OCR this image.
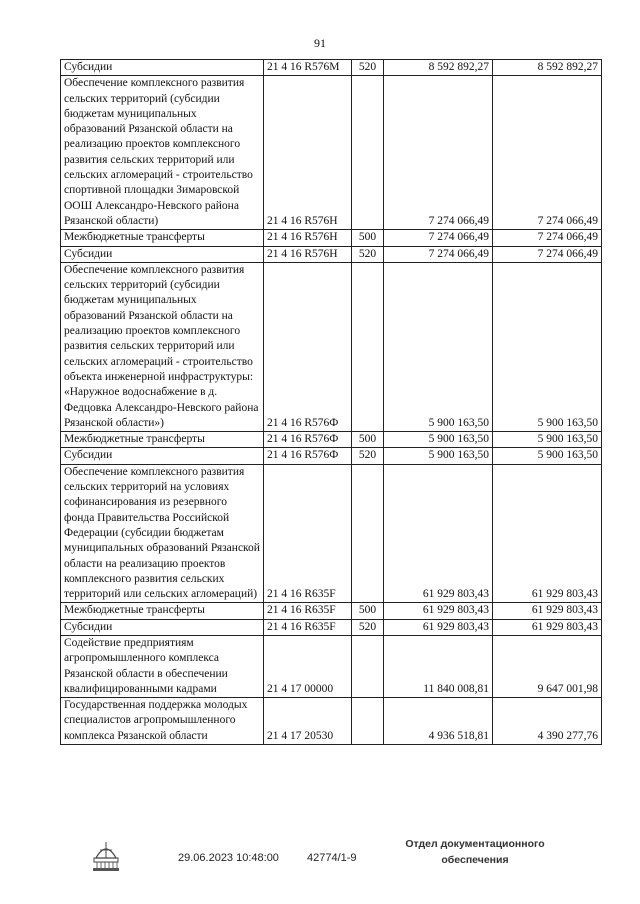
91
Субсидии	21 4 16 R576M	520	8 592 892,27	8 592 892,27
Обеспечение комплексного развития сельских территорий (субсидии бюджетам муниципальных образований Рязанской области на реализацию проектов комплексного развития сельских территорий или сельских агломераций - строительство спортивной площадки Зимаровской ООШ Александро-Невского района Рязанской области)	21 4 16 R576H		7 274 066,49	7 274 066,49
Межбюджетные трансферты	21 4 16 R576H	500	7 274 066,49	7 274 066,49
Субсидии	21 4 16 R576H	520	7 274 066,49	7 274 066,49
Обеспечение комплексного развития сельских территорий (субсидии бюджетам муниципальных образований Рязанской области на реализацию проектов комплексного развития сельских территорий или сельских агломераций - строительство объекта инженерной инфраструктуры: «Наружное водоснабжение в д. Федцовка Александро-Невского района Рязанской области»)	21 4 16 R576Ф		5 900 163,50	5 900 163,50
Межбюджетные трансферты	21 4 16 R576Ф	500	5 900 163,50	5 900 163,50
Субсидии	21 4 16 R576Ф	520	5 900 163,50	5 900 163,50
Обеспечение комплексного развития сельских территорий на условиях софинансирования из резервного фонда Правительства Российской Федерации (субсидии бюджетам муниципальных образований Рязанской области на реализацию проектов комплексного развития сельских территорий или сельских агломераций)	21 4 16 R635F		61 929 803,43	61 929 803,43
Межбюджетные трансферты	21 4 16 R635F	500	61 929 803,43	61 929 803,43
Субсидии	21 4 16 R635F	520	61 929 803,43	61 929 803,43
Содействие предприятиям агропромышленного комплекса Рязанской области в обеспечении квалифицированными кадрами	21 4 17 00000		11 840 008,81	9 647 001,98
Государственная поддержка молодых специалистов агропромышленного комплекса Рязанской области	21 4 17 20530		4 936 518,81	4 390 277,76
29.06.2023 10:48:00	42774/1-9
Отдел документационного
обеспечения
